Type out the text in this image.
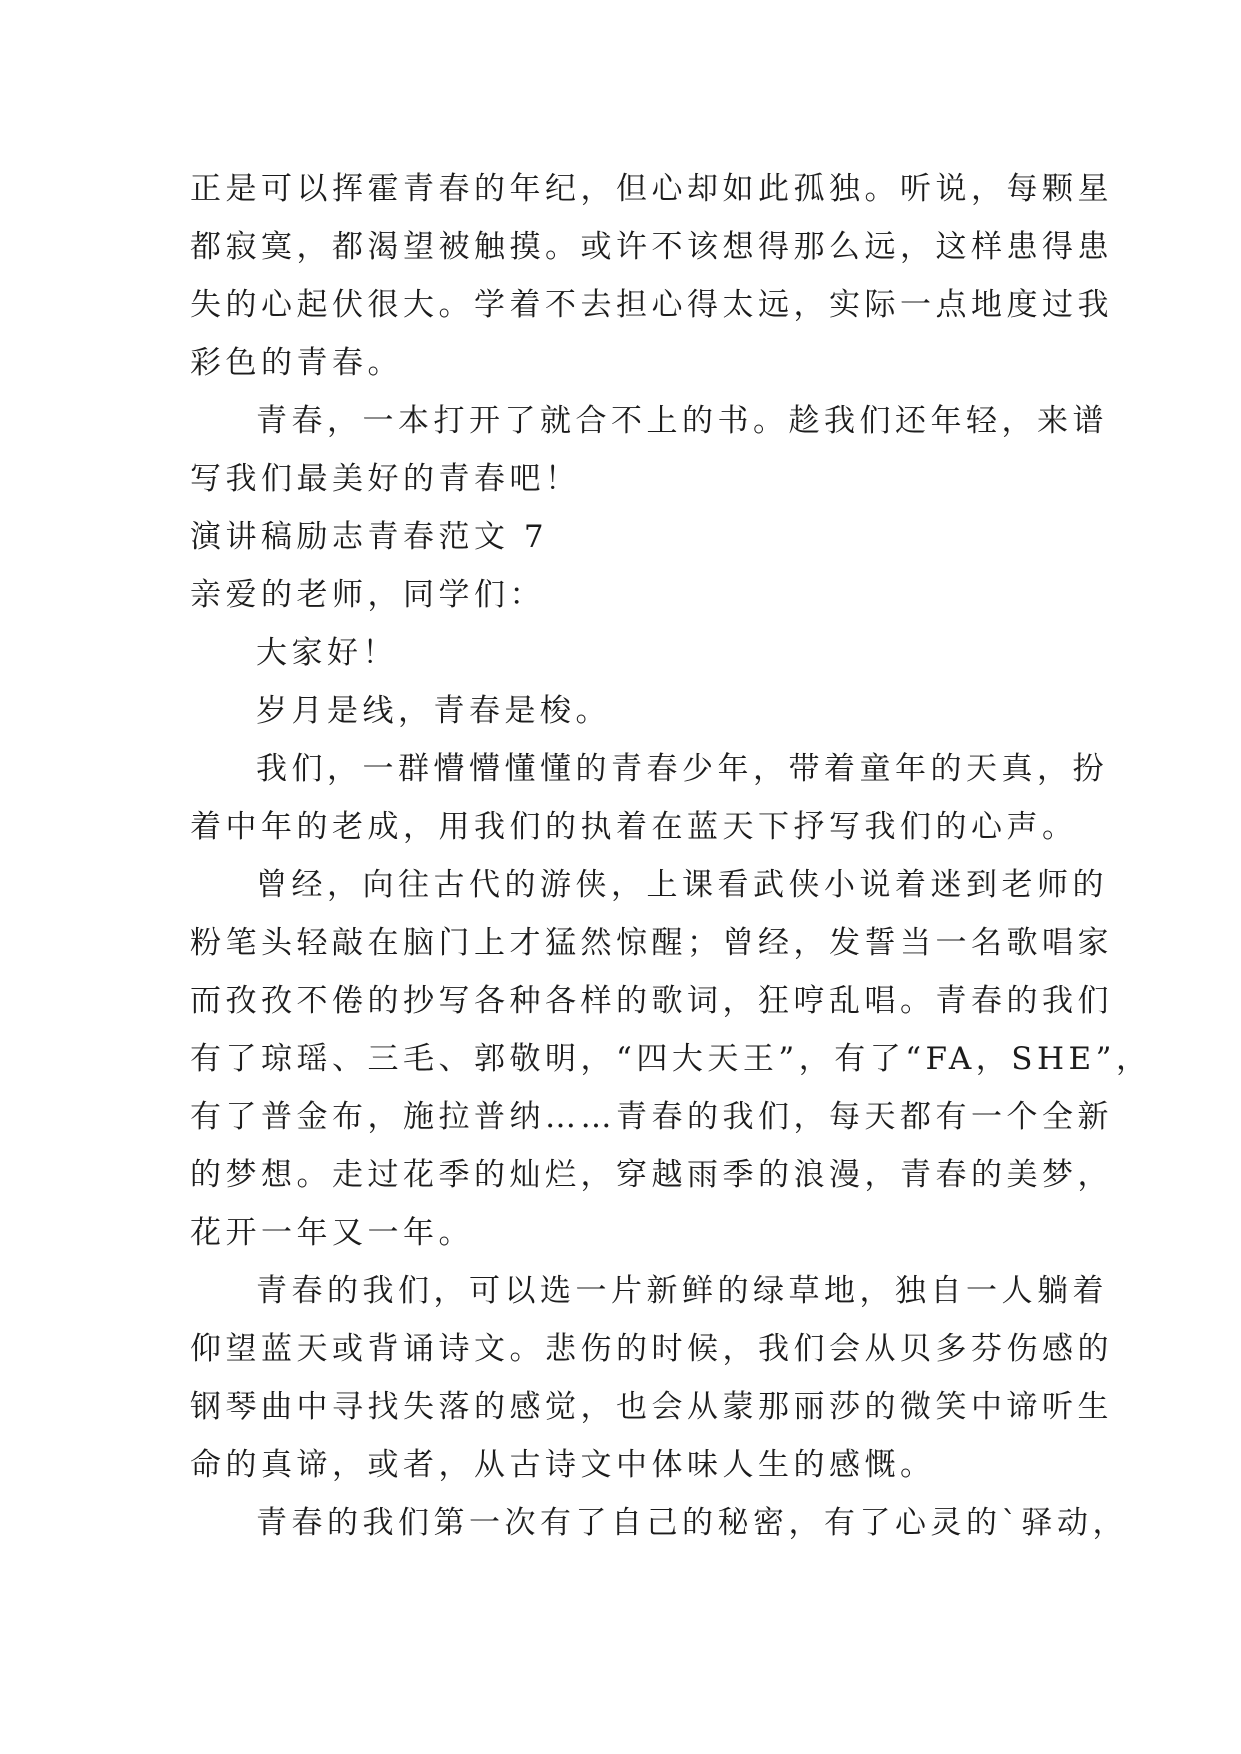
正是可以挥霍青春的年纪，但心却如此孤独。听说，每颗星
都寂寞，都渴望被触摸。或许不该想得那么远，这样患得患
失的心起伏很大。学着不去担心得太远，实际一点地度过我
彩色的青春。
青春，一本打开了就合不上的书。趁我们还年轻，来谱
写我们最美好的青春吧！
演讲稿励志青春范文 7
亲爱的老师，同学们：
大家好！
岁月是线，青春是梭。
我们，一群懵懵懂懂的青春少年，带着童年的天真，扮
着中年的老成，用我们的执着在蓝天下抒写我们的心声。
曾经，向往古代的游侠，上课看武侠小说着迷到老师的
粉笔头轻敲在脑门上才猛然惊醒；曾经，发誓当一名歌唱家
而孜孜不倦的抄写各种各样的歌词，狂哼乱唱。青春的我们
有了琼瑶、三毛、郭敬明，“四大天王”，有了“FA，SHE”，
有了普金布，施拉普纳……青春的我们，每天都有一个全新
的梦想。走过花季的灿烂，穿越雨季的浪漫，青春的美梦，
花开一年又一年。
青春的我们，可以选一片新鲜的绿草地，独自一人躺着
仰望蓝天或背诵诗文。悲伤的时候，我们会从贝多芬伤感的
钢琴曲中寻找失落的感觉，也会从蒙那丽莎的微笑中谛听生
命的真谛，或者，从古诗文中体味人生的感慨。
青春的我们第一次有了自己的秘密，有了心灵的`驿动，
